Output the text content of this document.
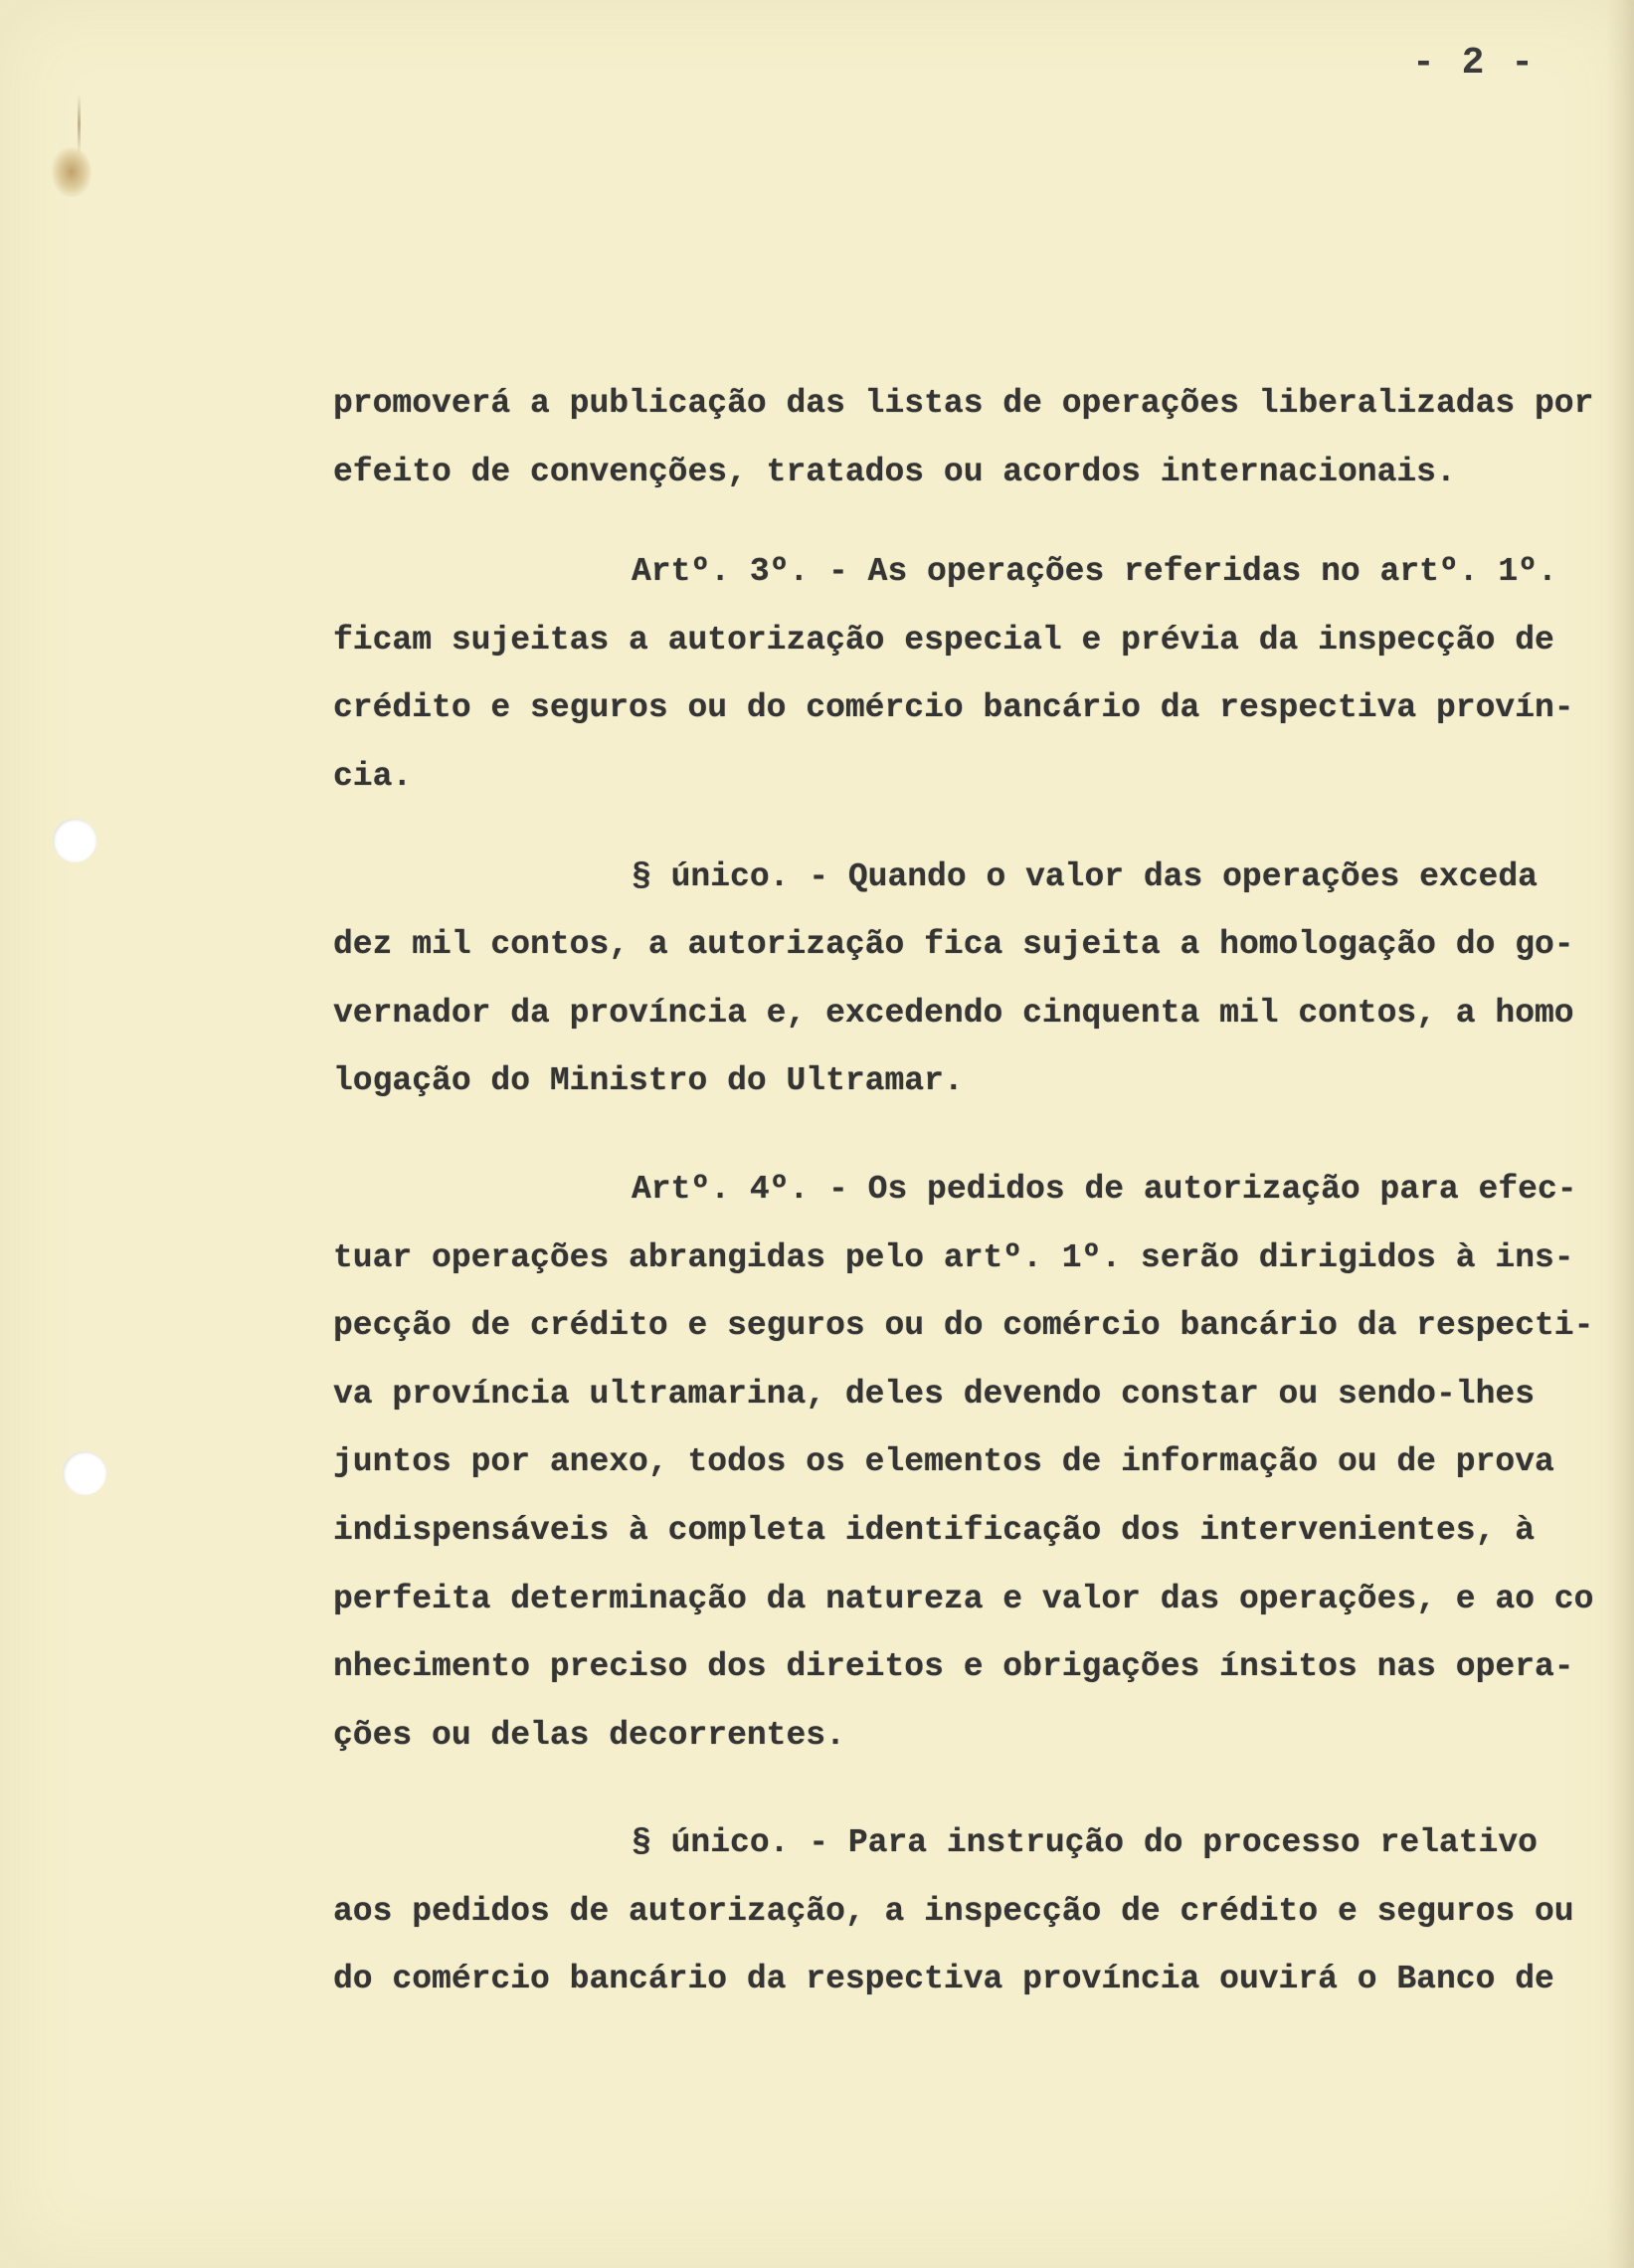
- 2 -
promoverá a publicação das listas de operações liberalizadas por
efeito de convenções, tratados ou acordos internacionais.
Artº. 3º. - As operações referidas no artº. 1º.
ficam sujeitas a autorização especial e prévia da inspecção de
crédito e seguros ou do comércio bancário da respectiva provín-
cia.
§ único. - Quando o valor das operações exceda
dez mil contos, a autorização fica sujeita a homologação do go-
vernador da província e, excedendo cinquenta mil contos, a homo
logação do Ministro do Ultramar.
Artº. 4º. - Os pedidos de autorização para efec-
tuar operações abrangidas pelo artº. 1º. serão dirigidos à ins-
pecção de crédito e seguros ou do comércio bancário da respecti-
va província ultramarina, deles devendo constar ou sendo-lhes
juntos por anexo, todos os elementos de informação ou de prova
indispensáveis à completa identificação dos intervenientes, à
perfeita determinação da natureza e valor das operações, e ao co
nhecimento preciso dos direitos e obrigações ínsitos nas opera-
ções ou delas decorrentes.
§ único. - Para instrução do processo relativo
aos pedidos de autorização, a inspecção de crédito e seguros ou
do comércio bancário da respectiva província ouvirá o Banco de
